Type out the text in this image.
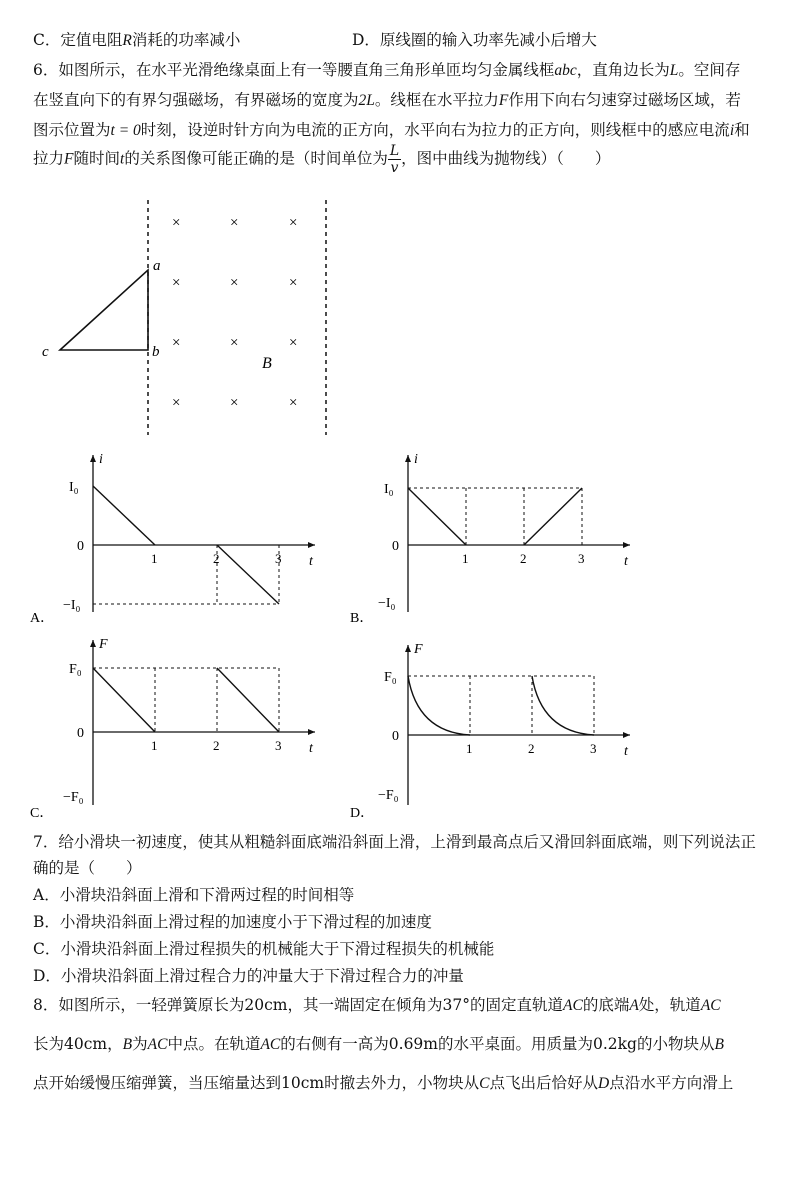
C．定值电阻R消耗的功率减小	D．原线圈的输入功率先减小后增大
6．如图所示，在水平光滑绝缘桌面上有一等腰直角三角形单匝均匀金属线框abc，直角边长为L。空间存
在竖直向下的有界匀强磁场，有界磁场的宽度为2L。线框在水平拉力F作用下向右匀速穿过磁场区域，若
图示位置为t = 0时刻，设逆时针方向为电流的正方向，水平向右为拉力的正方向，则线框中的感应电流i和
拉力F随时间t的关系图像可能正确的是（时间单位为 $\frac{L}{v}$ ，图中曲线为抛物线）（　　）
a
b
c
B
×
×
×
×
×
×
×
×
×
×
×
×
i
t
0
I₀
−I₀
1	2	3
A．
i
t
0
I₀
−I₀
1	2	3
B．
F
t
0
F₀
−F₀
1	2	3
C．
F
t
0
F₀
−F₀
1	2	3
D．
7．给小滑块一初速度，使其从粗糙斜面底端沿斜面上滑，上滑到最高点后又滑回斜面底端，则下列说法正
确的是（　　）
A．小滑块沿斜面上滑和下滑两过程的时间相等
B．小滑块沿斜面上滑过程的加速度小于下滑过程的加速度
C．小滑块沿斜面上滑过程损失的机械能大于下滑过程损失的机械能
D．小滑块沿斜面上滑过程合力的冲量大于下滑过程合力的冲量
8．如图所示，一轻弹簧原长为20cm，其一端固定在倾角为37°的固定直轨道AC的底端A处，轨道AC
长为40cm，B为AC中点。在轨道AC的右侧有一高为0.69m的水平桌面。用质量为0.2kg的小物块从B
点开始缓慢压缩弹簧，当压缩量达到10cm时撤去外力，小物块从C点飞出后恰好从D点沿水平方向滑上
